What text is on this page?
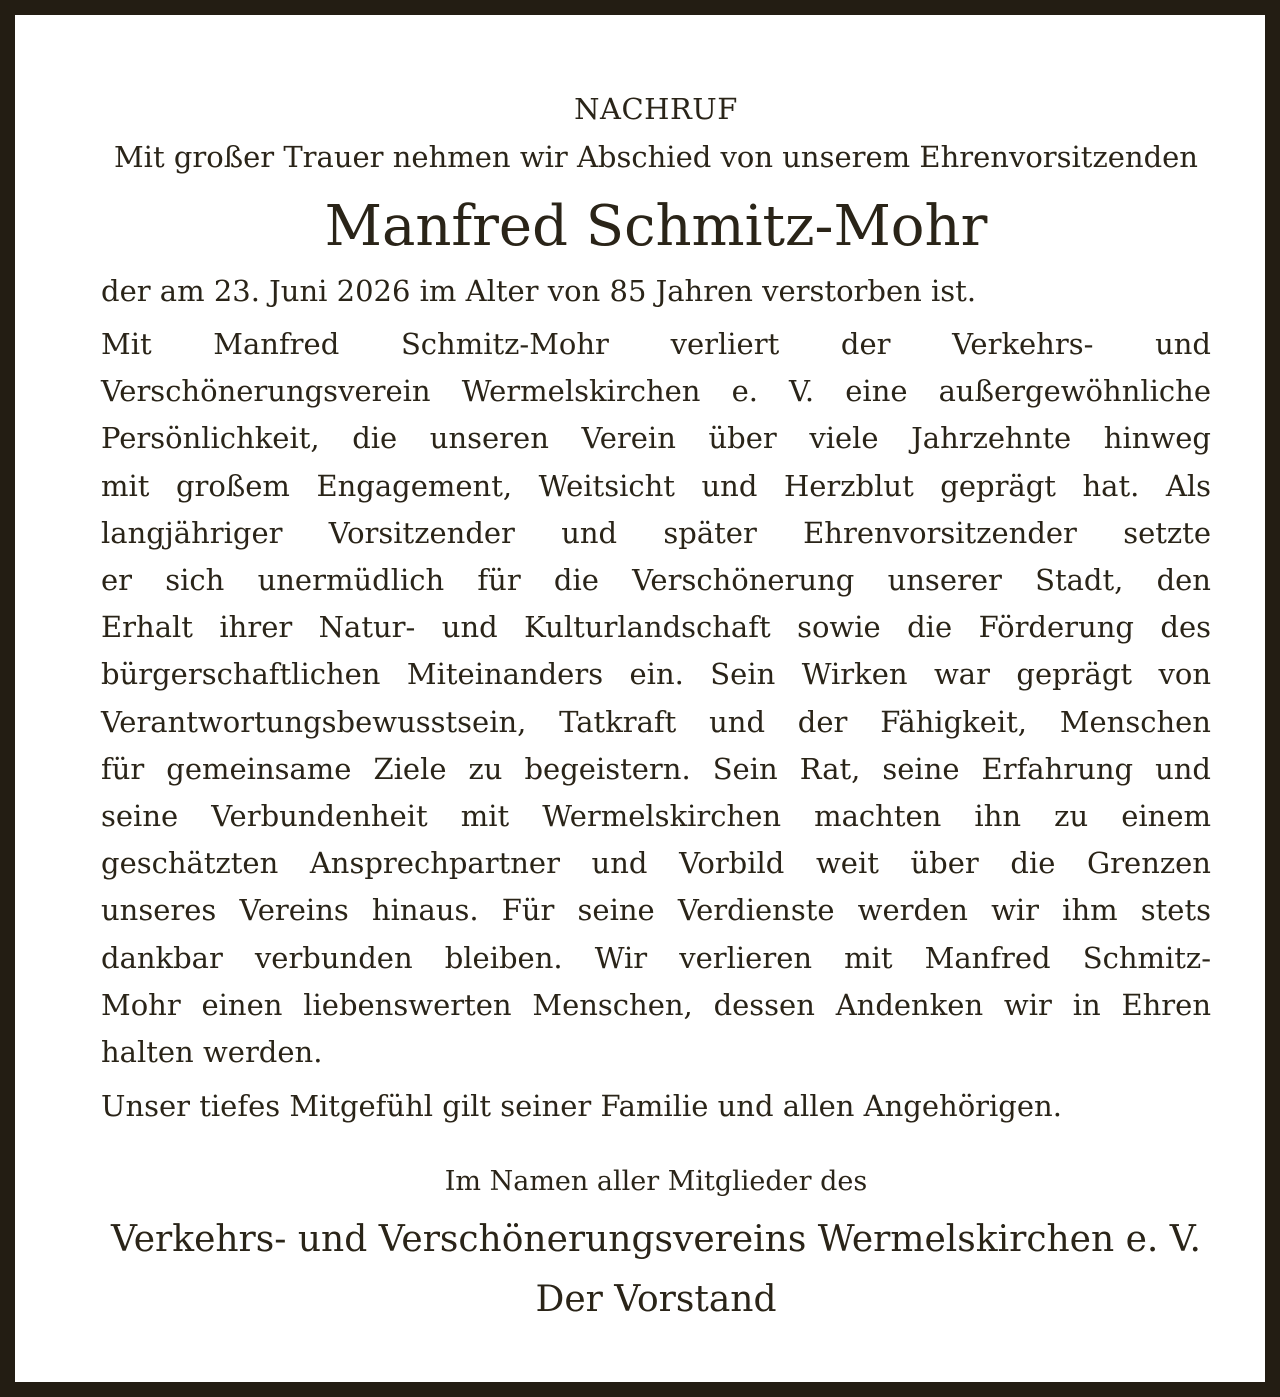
NACHRUF
Mit großer Trauer nehmen wir Abschied von unserem Ehrenvorsitzenden
Manfred Schmitz-Mohr
der am 23. Juni 2026 im Alter von 85 Jahren verstorben ist.
Mit Manfred Schmitz-Mohr verliert der Verkehrs- und
Verschönerungsverein Wermelskirchen e. V. eine außergewöhnliche
Persönlichkeit, die unseren Verein über viele Jahrzehnte hinweg
mit großem Engagement, Weitsicht und Herzblut geprägt hat. Als
langjähriger Vorsitzender und später Ehrenvorsitzender setzte
er sich unermüdlich für die Verschönerung unserer Stadt, den
Erhalt ihrer Natur- und Kulturlandschaft sowie die Förderung des
bürgerschaftlichen Miteinanders ein. Sein Wirken war geprägt von
Verantwortungsbewusstsein, Tatkraft und der Fähigkeit, Menschen
für gemeinsame Ziele zu begeistern. Sein Rat, seine Erfahrung und
seine Verbundenheit mit Wermelskirchen machten ihn zu einem
geschätzten Ansprechpartner und Vorbild weit über die Grenzen
unseres Vereins hinaus. Für seine Verdienste werden wir ihm stets
dankbar verbunden bleiben. Wir verlieren mit Manfred Schmitz-
Mohr einen liebenswerten Menschen, dessen Andenken wir in Ehren
halten werden.
Unser tiefes Mitgefühl gilt seiner Familie und allen Angehörigen.
Im Namen aller Mitglieder des
Verkehrs- und Verschönerungsvereins Wermelskirchen e. V.
Der Vorstand
